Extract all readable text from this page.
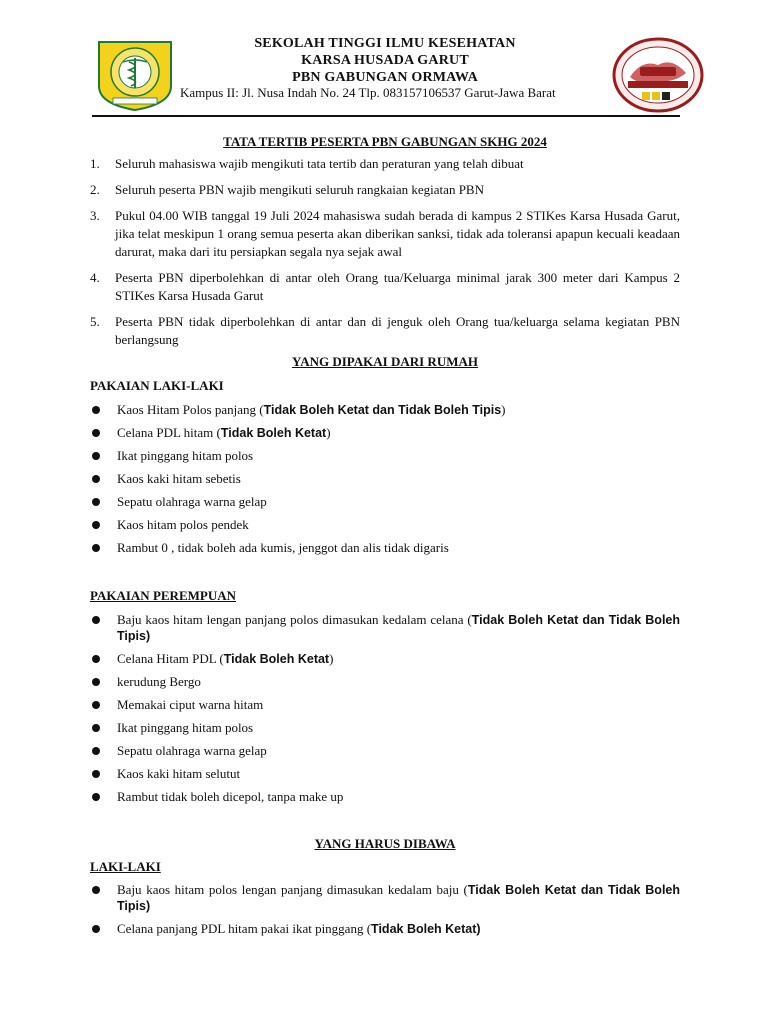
SEKOLAH TINGGI ILMU KESEHATAN
KARSA HUSADA GARUT
PBN GABUNGAN ORMAWA
Kampus II: Jl. Nusa Indah No. 24 Tlp. 083157106537 Garut-Jawa Barat
TATA TERTIB PESERTA PBN GABUNGAN SKHG 2024
1. Seluruh mahasiswa wajib mengikuti tata tertib dan peraturan yang telah dibuat
2. Seluruh peserta PBN wajib mengikuti seluruh rangkaian kegiatan PBN
3. Pukul 04.00 WIB tanggal 19 Juli 2024 mahasiswa sudah berada di kampus 2 STIKes Karsa Husada Garut, jika telat meskipun 1 orang semua peserta akan diberikan sanksi, tidak ada toleransi apapun kecuali keadaan darurat, maka dari itu persiapkan segala nya sejak awal
4. Peserta PBN diperbolehkan di antar oleh Orang tua/Keluarga minimal jarak 300 meter dari Kampus 2 STIKes Karsa Husada Garut
5. Peserta PBN tidak diperbolehkan di antar dan di jenguk oleh Orang tua/keluarga selama kegiatan PBN berlangsung
YANG DIPAKAI DARI RUMAH
PAKAIAN LAKI-LAKI
Kaos Hitam Polos panjang (Tidak Boleh Ketat dan Tidak Boleh Tipis)
Celana PDL hitam (Tidak Boleh Ketat)
Ikat pinggang hitam polos
Kaos kaki hitam sebetis
Sepatu olahraga warna gelap
Kaos hitam polos pendek
Rambut 0 , tidak boleh ada kumis, jenggot dan alis tidak digaris
PAKAIAN PEREMPUAN
Baju kaos hitam lengan panjang polos dimasukan kedalam celana (Tidak Boleh Ketat dan Tidak Boleh Tipis)
Celana Hitam PDL (Tidak Boleh Ketat)
kerudung Bergo
Memakai ciput warna hitam
Ikat pinggang hitam polos
Sepatu olahraga warna gelap
Kaos kaki hitam selutut
Rambut tidak boleh dicepol, tanpa make up
YANG HARUS DIBAWA
LAKI-LAKI
Baju kaos hitam polos lengan panjang dimasukan kedalam baju (Tidak Boleh Ketat dan Tidak Boleh Tipis)
Celana panjang PDL hitam pakai ikat pinggang (Tidak Boleh Ketat)
